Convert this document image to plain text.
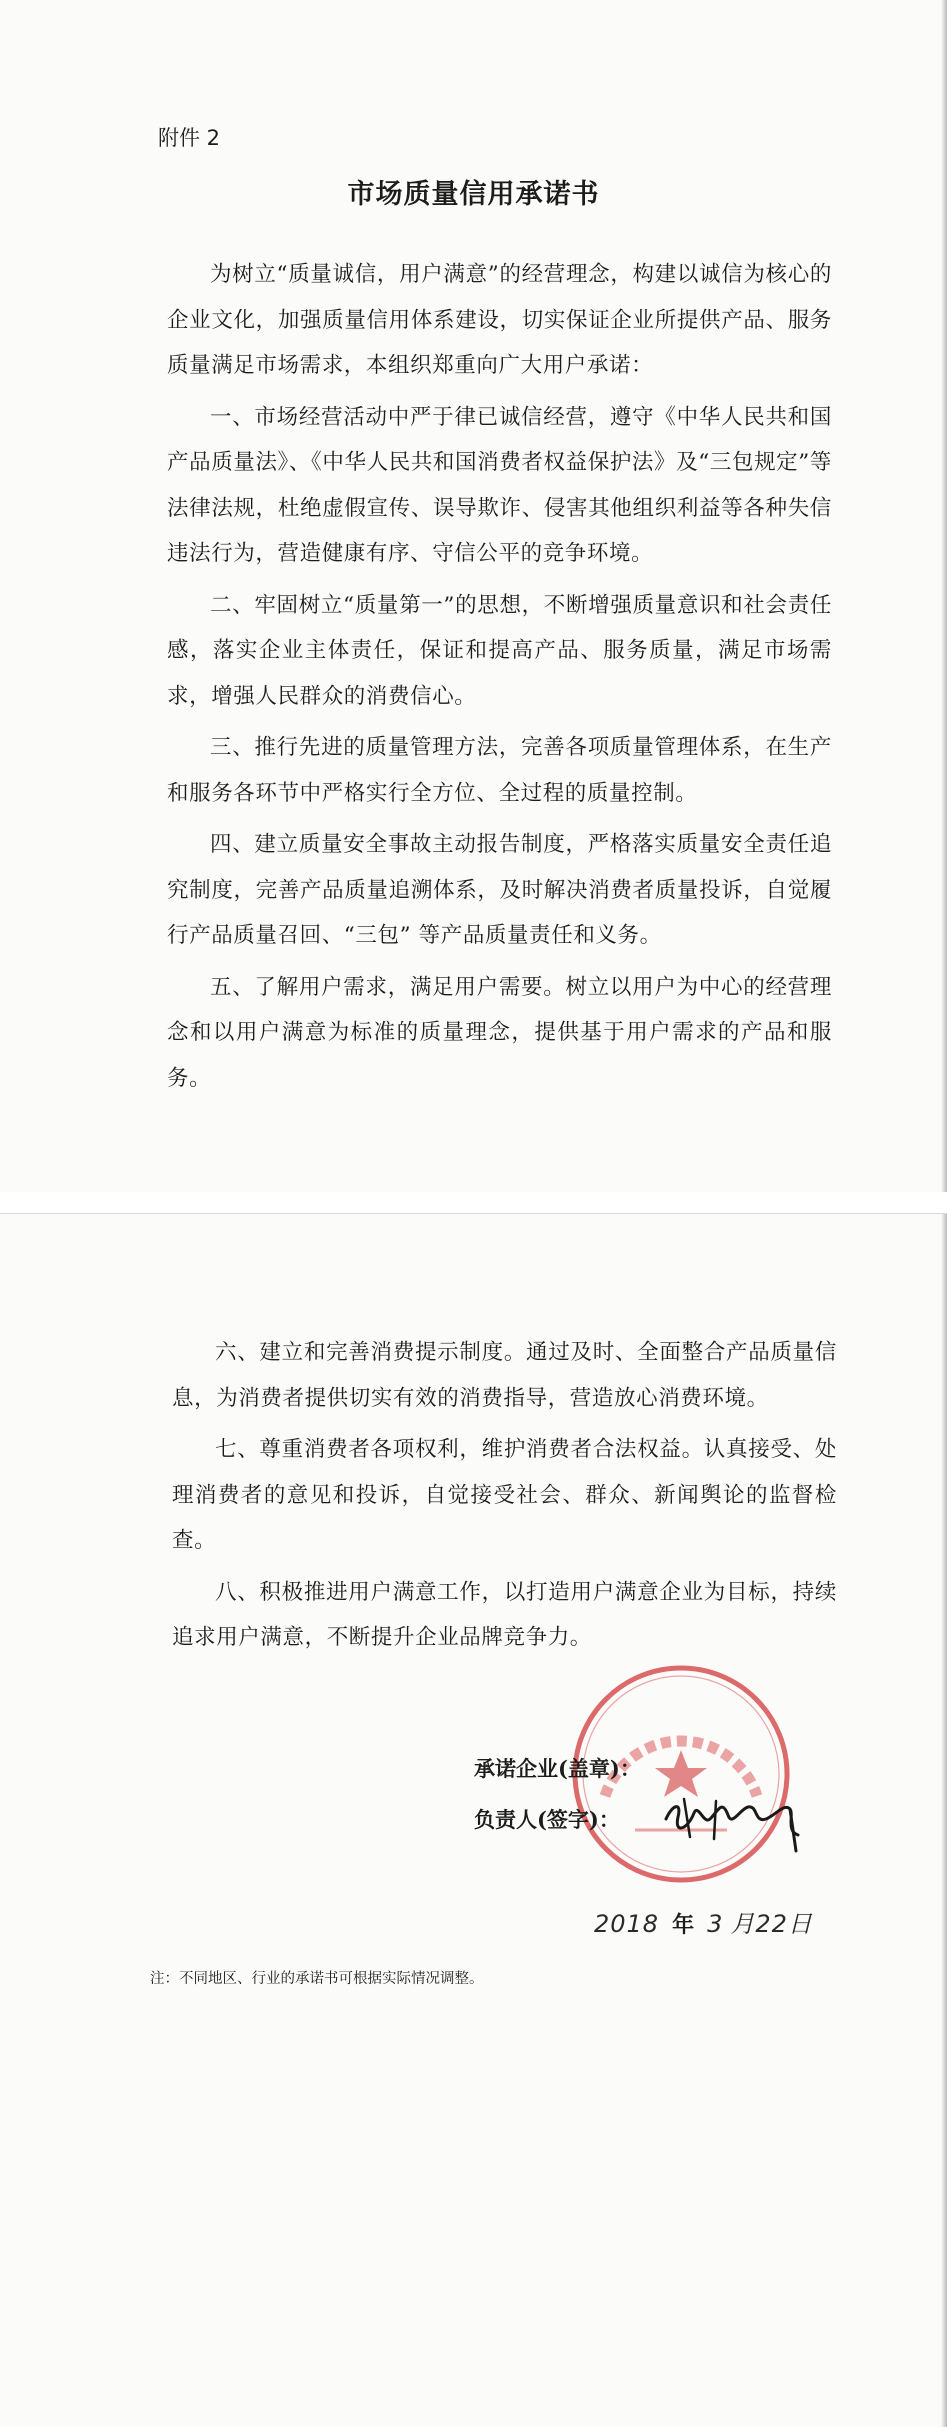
附件 2
市场质量信用承诺书

为树立“质量诚信，用户满意”的经营理念，构建以诚信为核心的企业文化，加强质量信用体系建设，切实保证企业所提供产品、服务质量满足市场需求，本组织郑重向广大用户承诺：

一、市场经营活动中严于律已诚信经营，遵守《中华人民共和国产品质量法》、《中华人民共和国消费者权益保护法》及“三包规定”等法律法规，杜绝虚假宣传、误导欺诈、侵害其他组织利益等各种失信违法行为，营造健康有序、守信公平的竞争环境。

二、牢固树立“质量第一”的思想，不断增强质量意识和社会责任感，落实企业主体责任，保证和提高产品、服务质量，满足市场需求，增强人民群众的消费信心。

三、推行先进的质量管理方法，完善各项质量管理体系，在生产和服务各环节中严格实行全方位、全过程的质量控制。

四、建立质量安全事故主动报告制度，严格落实质量安全责任追究制度，完善产品质量追溯体系，及时解决消费者质量投诉，自觉履行产品质量召回、“三包” 等产品质量责任和义务。

五、了解用户需求，满足用户需要。树立以用户为中心的经营理念和以用户满意为标准的质量理念，提供基于用户需求的产品和服务。

六、建立和完善消费提示制度。通过及时、全面整合产品质量信息，为消费者提供切实有效的消费指导，营造放心消费环境。

七、尊重消费者各项权利，维护消费者合法权益。认真接受、处理消费者的意见和投诉，自觉接受社会、群众、新闻舆论的监督检查。

八、积极推进用户满意工作，以打造用户满意企业为目标，持续追求用户满意，不断提升企业品牌竞争力。

承诺企业(盖章)：
负责人(签字)：
2018 年 3 月22日
注：不同地区、行业的承诺书可根据实际情况调整。
